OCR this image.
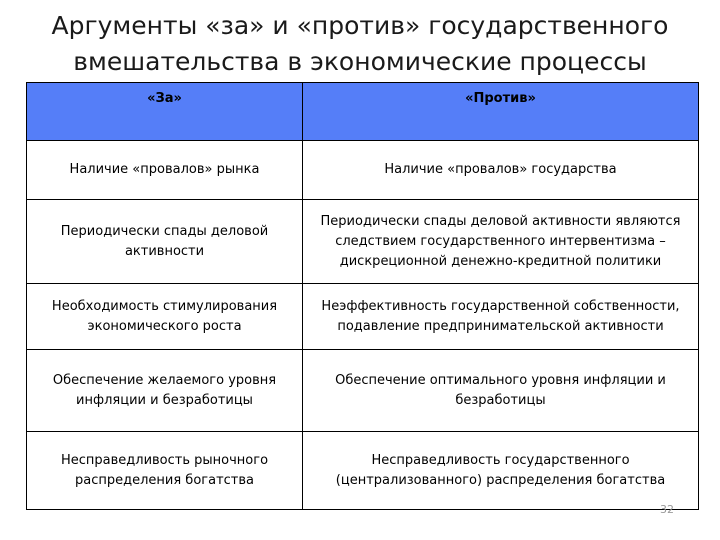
Аргументы «за» и «против» государственного
вмешательства в экономические процессы
«За»	«Против»
Наличие «провалов» рынка	Наличие «провалов» государства
Периодически спады деловой активности	Периодически спады деловой активности являются следствием государственного интервентизма – дискреционной денежно-кредитной политики
Необходимость стимулирования экономического роста	Неэффективность государственной собственности, подавление предпринимательской активности
Обеспечение желаемого уровня инфляции и безработицы	Обеспечение оптимального уровня инфляции и безработицы
Несправедливость рыночного распределения богатства	Несправедливость государственного (централизованного) распределения богатства
32
